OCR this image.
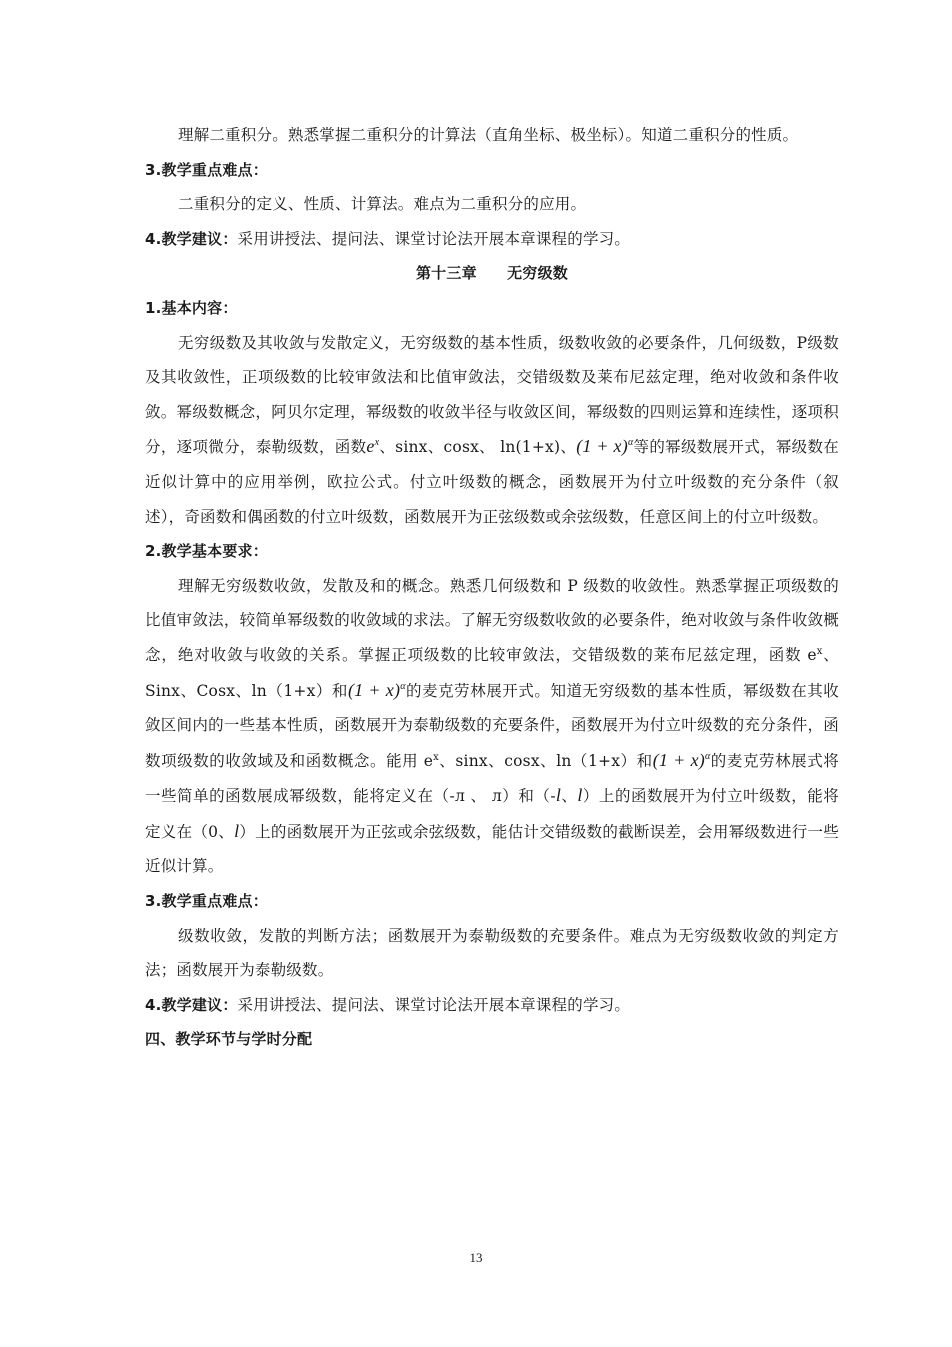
理解二重积分。熟悉掌握二重积分的计算法（直角坐标、极坐标）。知道二重积分的性质。

3.教学重点难点：

二重积分的定义、性质、计算法。难点为二重积分的应用。

4.教学建议：采用讲授法、提问法、课堂讨论法开展本章课程的学习。

第十三章　　无穷级数

1.基本内容：

无穷级数及其收敛与发散定义，无穷级数的基本性质，级数收敛的必要条件，几何级数，P级数及其收敛性，正项级数的比较审敛法和比值审敛法，交错级数及莱布尼兹定理，绝对收敛和条件收敛。幂级数概念，阿贝尔定理，幂级数的收敛半径与收敛区间，幂级数的四则运算和连续性，逐项积分，逐项微分，泰勒级数，函数$e^x$、sinx、cosx、 ln(1+x)、$(1 + x)^\alpha$等的幂级数展开式，幂级数在近似计算中的应用举例，欧拉公式。付立叶级数的概念，函数展开为付立叶级数的充分条件（叙述），奇函数和偶函数的付立叶级数，函数展开为正弦级数或余弦级数，任意区间上的付立叶级数。

2.教学基本要求：

理解无穷级数收敛，发散及和的概念。熟悉几何级数和 P 级数的收敛性。熟悉掌握正项级数的比值审敛法，较简单幂级数的收敛域的求法。了解无穷级数收敛的必要条件，绝对收敛与条件收敛概念，绝对收敛与收敛的关系。掌握正项级数的比较审敛法，交错级数的莱布尼兹定理，函数 $e^x$、Sinx、Cosx、ln（1+x）和$(1 + x)^\alpha$的麦克劳林展开式。知道无穷级数的基本性质，幂级数在其收敛区间内的一些基本性质，函数展开为泰勒级数的充要条件，函数展开为付立叶级数的充分条件，函数项级数的收敛域及和函数概念。能用 $e^x$、sinx、cosx、ln（1+x）和$(1 + x)^\alpha$的麦克劳林展式将一些简单的函数展成幂级数，能将定义在（-л 、 л）和（-l、l）上的函数展开为付立叶级数，能将定义在（0、l）上的函数展开为正弦或余弦级数，能估计交错级数的截断误差，会用幂级数进行一些近似计算。

3.教学重点难点：

级数收敛，发散的判断方法；函数展开为泰勒级数的充要条件。难点为无穷级数收敛的判定方法；函数展开为泰勒级数。

4.教学建议：采用讲授法、提问法、课堂讨论法开展本章课程的学习。

四、教学环节与学时分配

13
